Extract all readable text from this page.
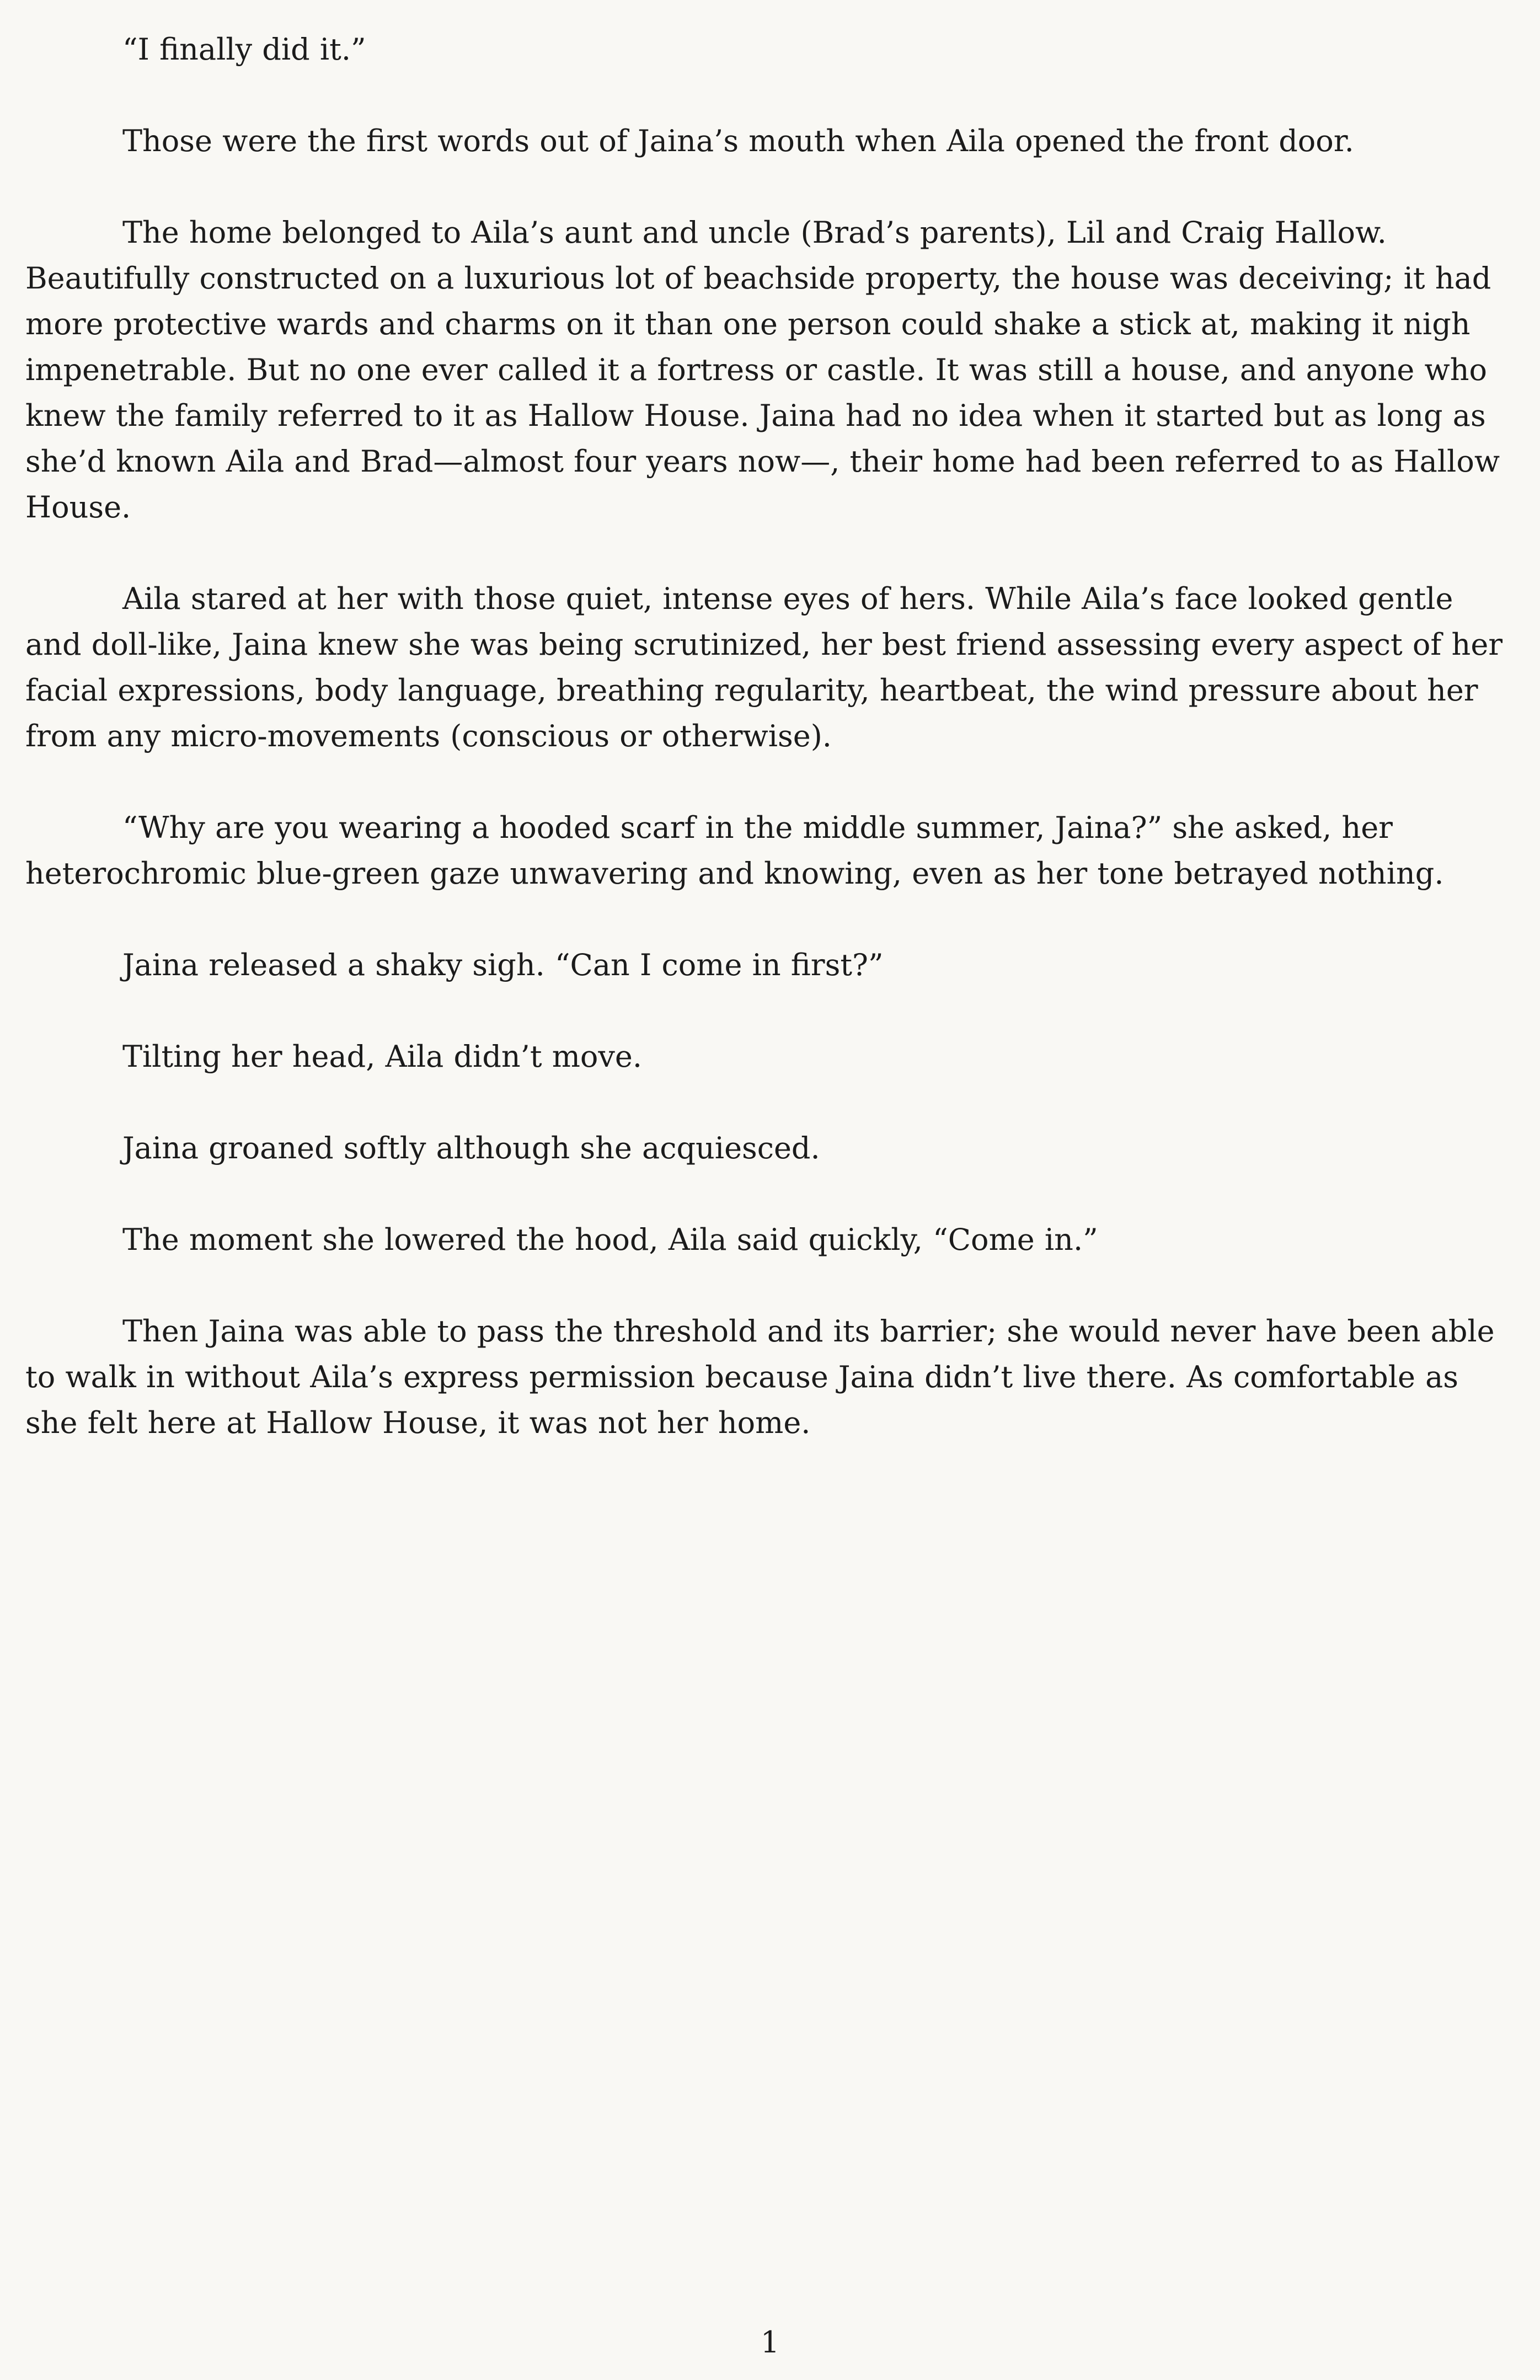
“I finally did it.”

Those were the first words out of Jaina’s mouth when Aila opened the front door.

The home belonged to Aila’s aunt and uncle (Brad’s parents), Lil and Craig Hallow. Beautifully constructed on a luxurious lot of beachside property, the house was deceiving; it had more protective wards and charms on it than one person could shake a stick at, making it nigh impenetrable. But no one ever called it a fortress or castle. It was still a house, and anyone who knew the family referred to it as Hallow House. Jaina had no idea when it started but as long as she’d known Aila and Brad—almost four years now—, their home had been referred to as Hallow House.

Aila stared at her with those quiet, intense eyes of hers. While Aila’s face looked gentle and doll-like, Jaina knew she was being scrutinized, her best friend assessing every aspect of her facial expressions, body language, breathing regularity, heartbeat, the wind pressure about her from any micro-movements (conscious or otherwise).

“Why are you wearing a hooded scarf in the middle summer, Jaina?” she asked, her heterochromic blue-green gaze unwavering and knowing, even as her tone betrayed nothing.

Jaina released a shaky sigh. “Can I come in first?”

Tilting her head, Aila didn’t move.

Jaina groaned softly although she acquiesced.

The moment she lowered the hood, Aila said quickly, “Come in.”

Then Jaina was able to pass the threshold and its barrier; she would never have been able to walk in without Aila’s express permission because Jaina didn’t live there. As comfortable as she felt here at Hallow House, it was not her home.

1
